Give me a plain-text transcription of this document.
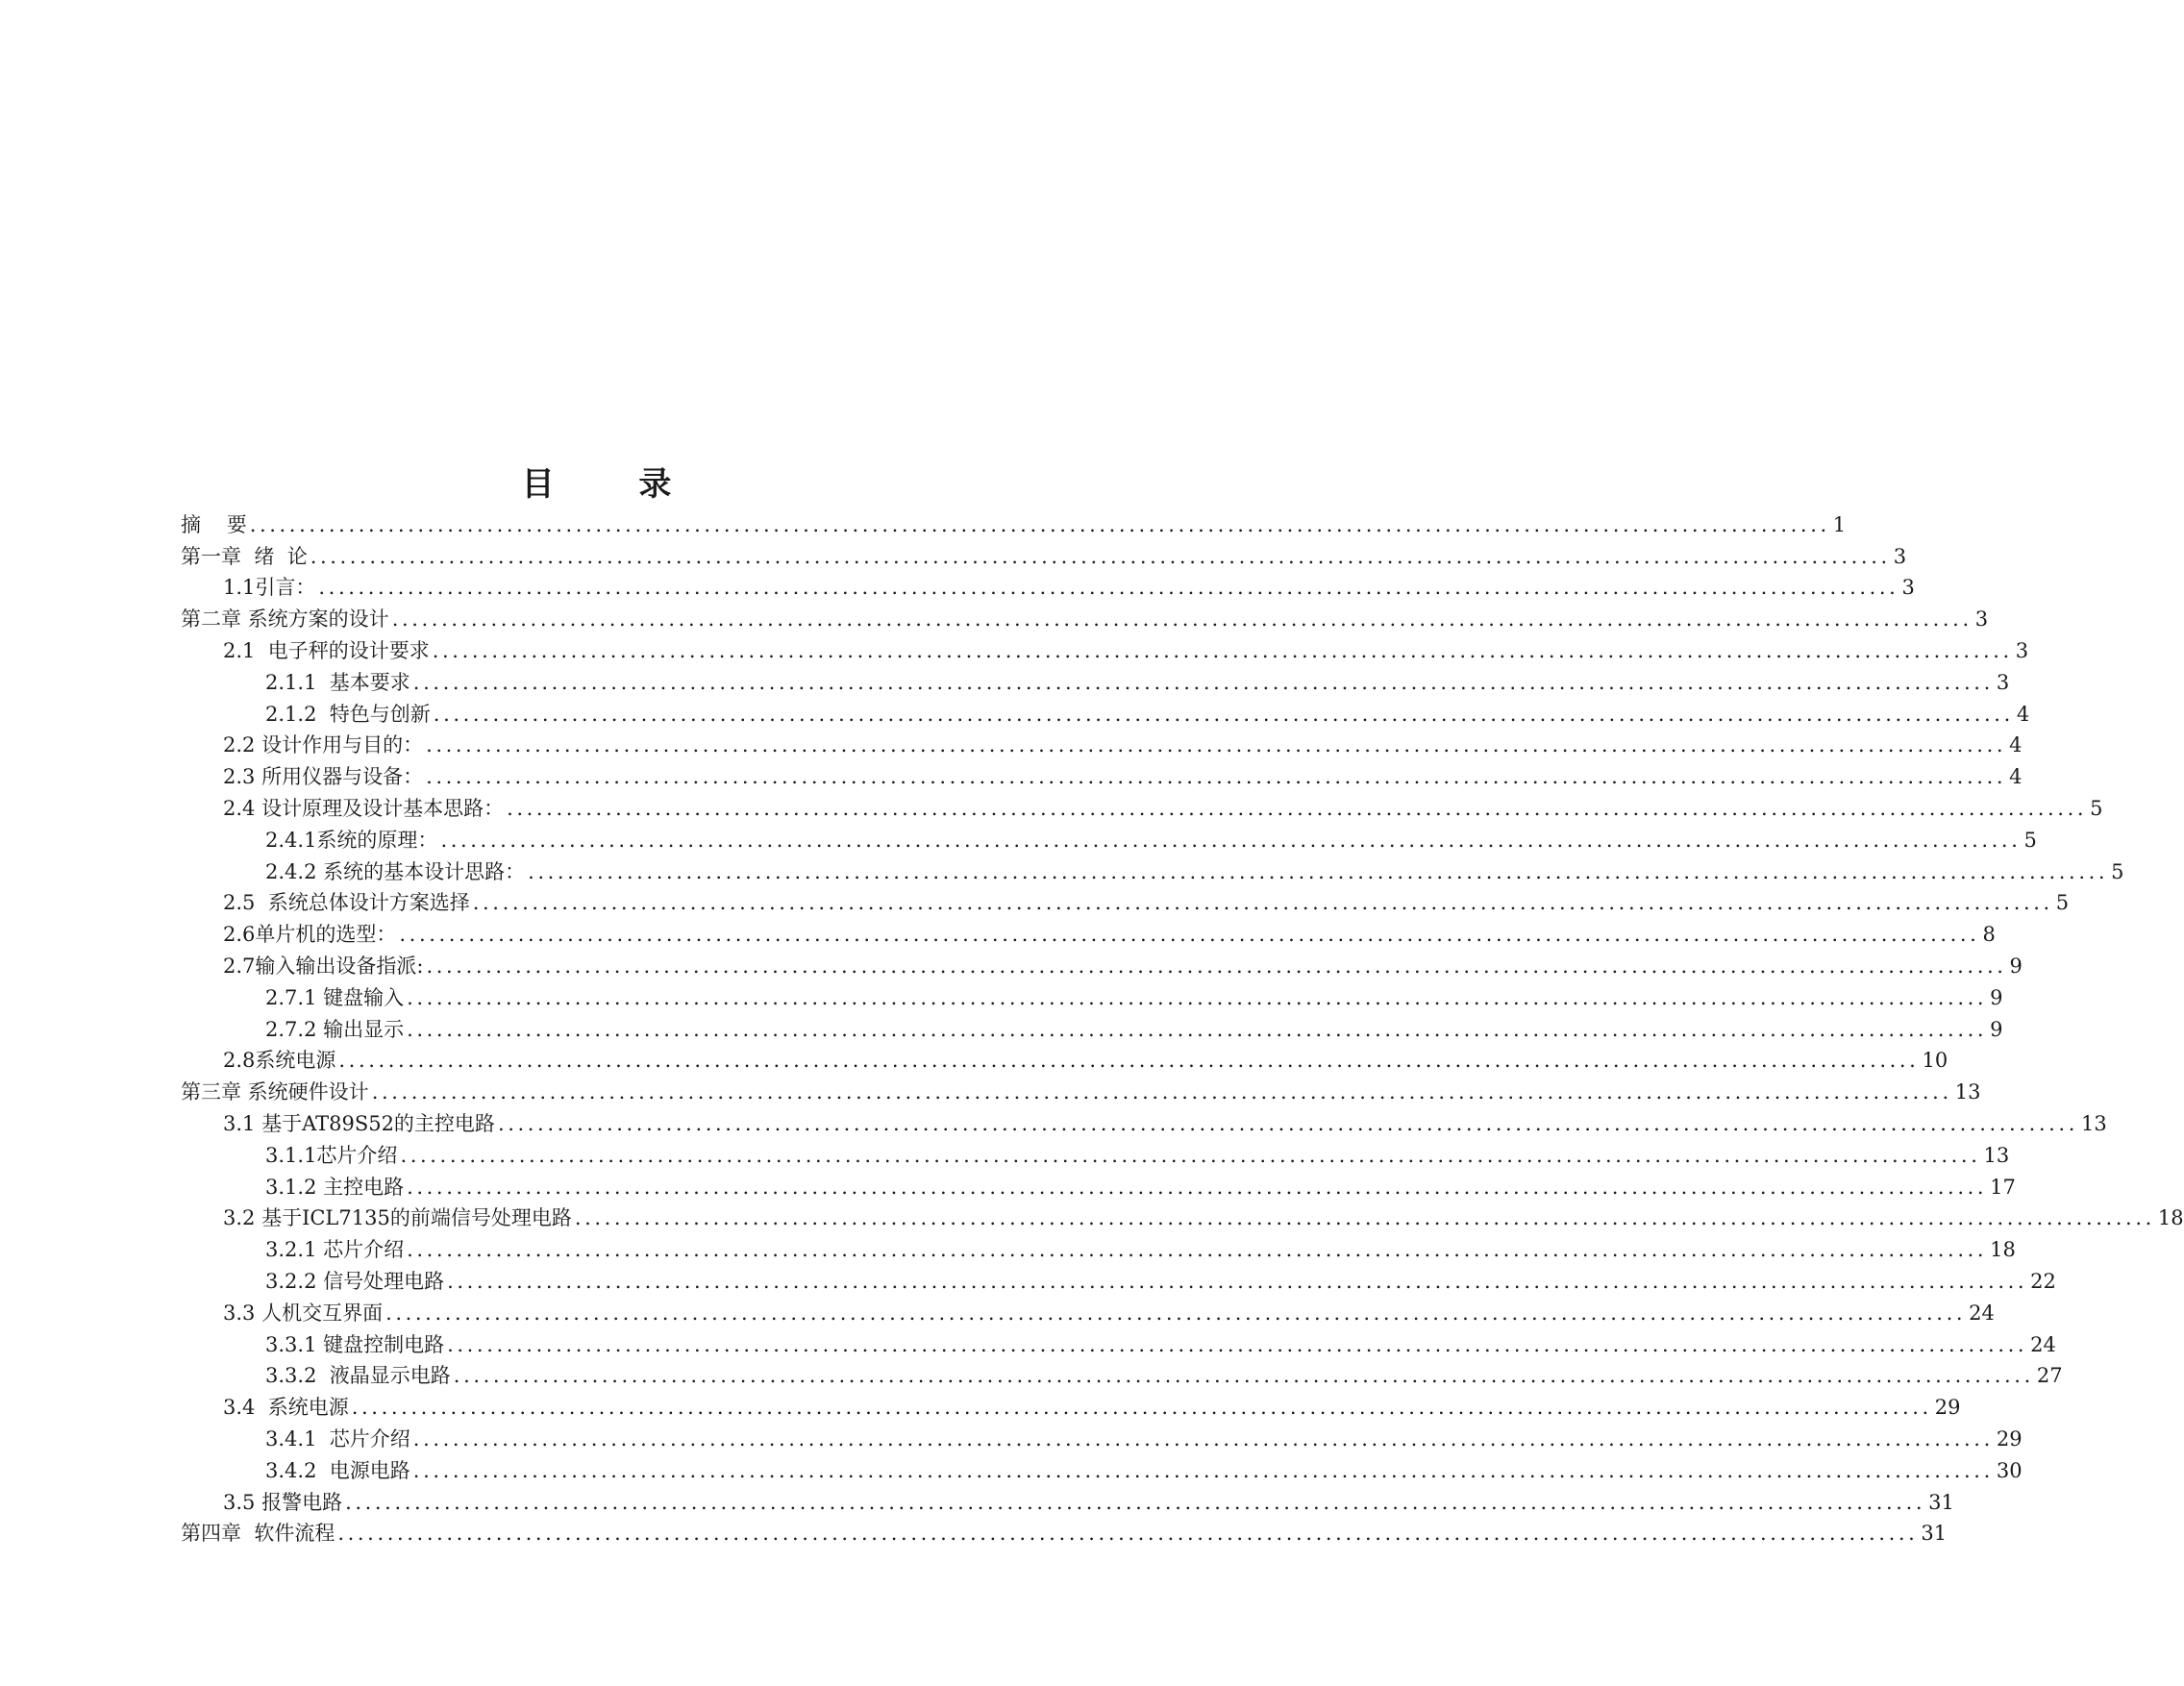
目 录
摘    要 ................................................................................................................................................................ 1
第一章  绪  论 ................................................................................................................................................................ 3
1.1引言： ................................................................................................................................................................ 3
第二章 系统方案的设计 ................................................................................................................................................................ 3
2.1  电子秤的设计要求 ................................................................................................................................................................ 3
2.1.1  基本要求 ................................................................................................................................................................ 3
2.1.2  特色与创新 ................................................................................................................................................................ 4
2.2 设计作用与目的： ................................................................................................................................................................ 4
2.3 所用仪器与设备： ................................................................................................................................................................ 4
2.4 设计原理及设计基本思路： ................................................................................................................................................................ 5
2.4.1系统的原理： ................................................................................................................................................................ 5
2.4.2 系统的基本设计思路： ................................................................................................................................................................ 5
2.5  系统总体设计方案选择 ................................................................................................................................................................ 5
2.6单片机的选型： ................................................................................................................................................................ 8
2.7输入输出设备指派: ................................................................................................................................................................ 9
2.7.1 键盘输入 ................................................................................................................................................................ 9
2.7.2 输出显示 ................................................................................................................................................................ 9
2.8系统电源 ................................................................................................................................................................ 10
第三章 系统硬件设计 ................................................................................................................................................................ 13
3.1 基于AT89S52的主控电路 ................................................................................................................................................................ 13
3.1.1芯片介绍 ................................................................................................................................................................ 13
3.1.2 主控电路 ................................................................................................................................................................ 17
3.2 基于ICL7135的前端信号处理电路 ................................................................................................................................................................ 18
3.2.1 芯片介绍 ................................................................................................................................................................ 18
3.2.2 信号处理电路 ................................................................................................................................................................ 22
3.3 人机交互界面 ................................................................................................................................................................ 24
3.3.1 键盘控制电路 ................................................................................................................................................................ 24
3.3.2  液晶显示电路 ................................................................................................................................................................ 27
3.4  系统电源 ................................................................................................................................................................ 29
3.4.1  芯片介绍 ................................................................................................................................................................ 29
3.4.2  电源电路 ................................................................................................................................................................ 30
3.5 报警电路 ................................................................................................................................................................ 31
第四章  软件流程 ................................................................................................................................................................ 31
